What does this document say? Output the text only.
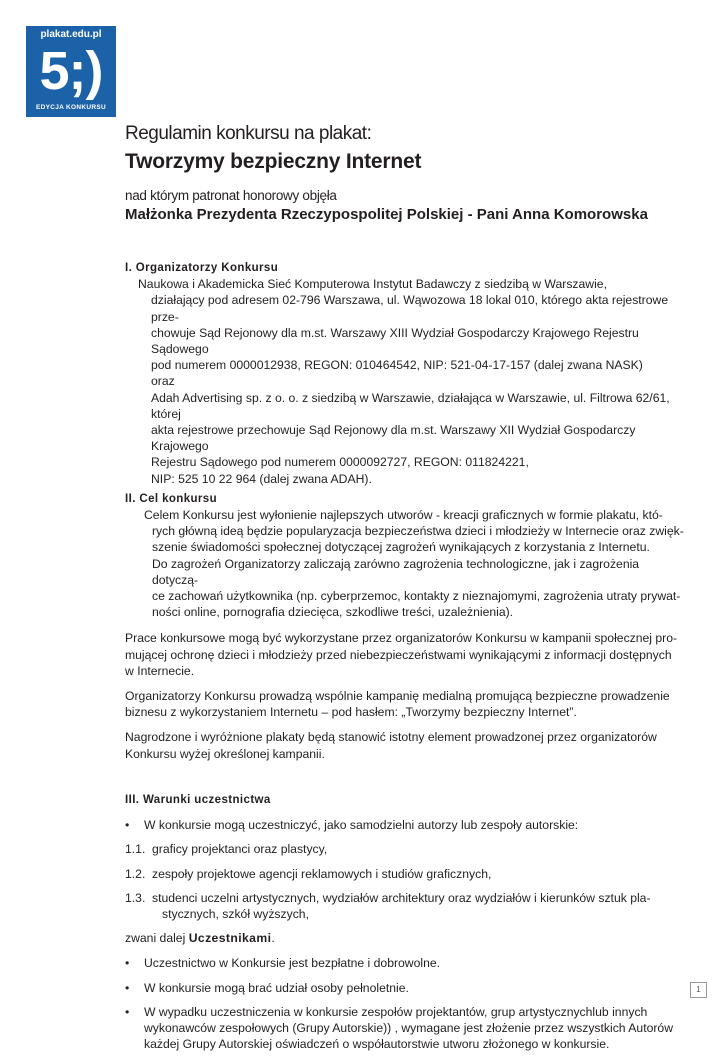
plakat.edu.pl
5;)
EDYCJA KONKURSU
Regulamin konkursu na plakat:
Tworzymy bezpieczny Internet
nad którym patronat honorowy objęła
Małżonka Prezydenta Rzeczypospolitej Polskiej - Pani Anna Komorowska
I. Organizatorzy Konkursu
Naukowa i Akademicka Sieć Komputerowa Instytut Badawczy z siedzibą w Warszawie,
działający pod adresem 02-796 Warszawa, ul. Wąwozowa 18 lokal 010, którego akta rejestrowe prze-
chowuje Sąd Rejonowy dla m.st. Warszawy XIII Wydział Gospodarczy Krajowego Rejestru Sądowego
pod numerem 0000012938, REGON: 010464542, NIP: 521-04-17-157 (dalej zwana NASK)
oraz
Adah Advertising sp. z o. o. z siedzibą w Warszawie, działająca w Warszawie, ul. Filtrowa 62/61, której
akta rejestrowe przechowuje Sąd Rejonowy dla m.st. Warszawy XII Wydział Gospodarczy Krajowego
Rejestru Sądowego pod numerem 0000092727, REGON: 011824221,
NIP: 525 10 22 964 (dalej zwana ADAH).
II. Cel konkursu
Celem Konkursu jest wyłonienie najlepszych utworów - kreacji graficznych w formie plakatu, któ-
rych główną ideą będzie popularyzacja bezpieczeństwa dzieci i młodzieży w Internecie oraz zwięk-
szenie świadomości społecznej dotyczącej zagrożeń wynikających z korzystania z Internetu.
Do zagrożeń Organizatorzy zaliczają zarówno zagrożenia technologiczne, jak i zagrożenia dotyczą-
ce zachowań użytkownika (np. cyberprzemoc, kontakty z nieznajomymi, zagrożenia utraty prywat-
ności online, pornografia dziecięca, szkodliwe treści, uzależnienia).

Prace konkursowe mogą być wykorzystane przez organizatorów Konkursu w kampanii społecznej pro-
mującej ochronę dzieci i młodzieży przed niebezpieczeństwami wynikającymi z informacji dostępnych
w Internecie.

Organizatorzy Konkursu prowadzą wspólnie kampanię medialną promującą bezpieczne prowadzenie
biznesu z wykorzystaniem Internetu – pod hasłem: „Tworzymy bezpieczny Internet”.

Nagrodzone i wyróżnione plakaty będą stanowić istotny element prowadzonej przez organizatorów
Konkursu wyżej określonej kampanii.

III. Warunki uczestnictwa
• W konkursie mogą uczestniczyć, jako samodzielni autorzy lub zespoły autorskie:
1.1. graficy projektanci oraz plastycy,
1.2. zespoły projektowe agencji reklamowych i studiów graficznych,
1.3. studenci uczelni artystycznych, wydziałów architektury oraz wydziałów i kierunków sztuk pla-
stycznych, szkół wyższych,

zwani dalej Uczestnikami.

• Uczestnictwo w Konkursie jest bezpłatne i dobrowolne.
• W konkursie mogą brać udział osoby pełnoletnie.
• W wypadku uczestniczenia w konkursie zespołów projektantów, grup artystycznychlub innych
wykonawców zespołowych (Grupy Autorskie)) , wymagane jest złożenie przez wszystkich Autorów
każdej Grupy Autorskiej oświadczeń o współautorstwie utworu złożonego w konkursie.
1
